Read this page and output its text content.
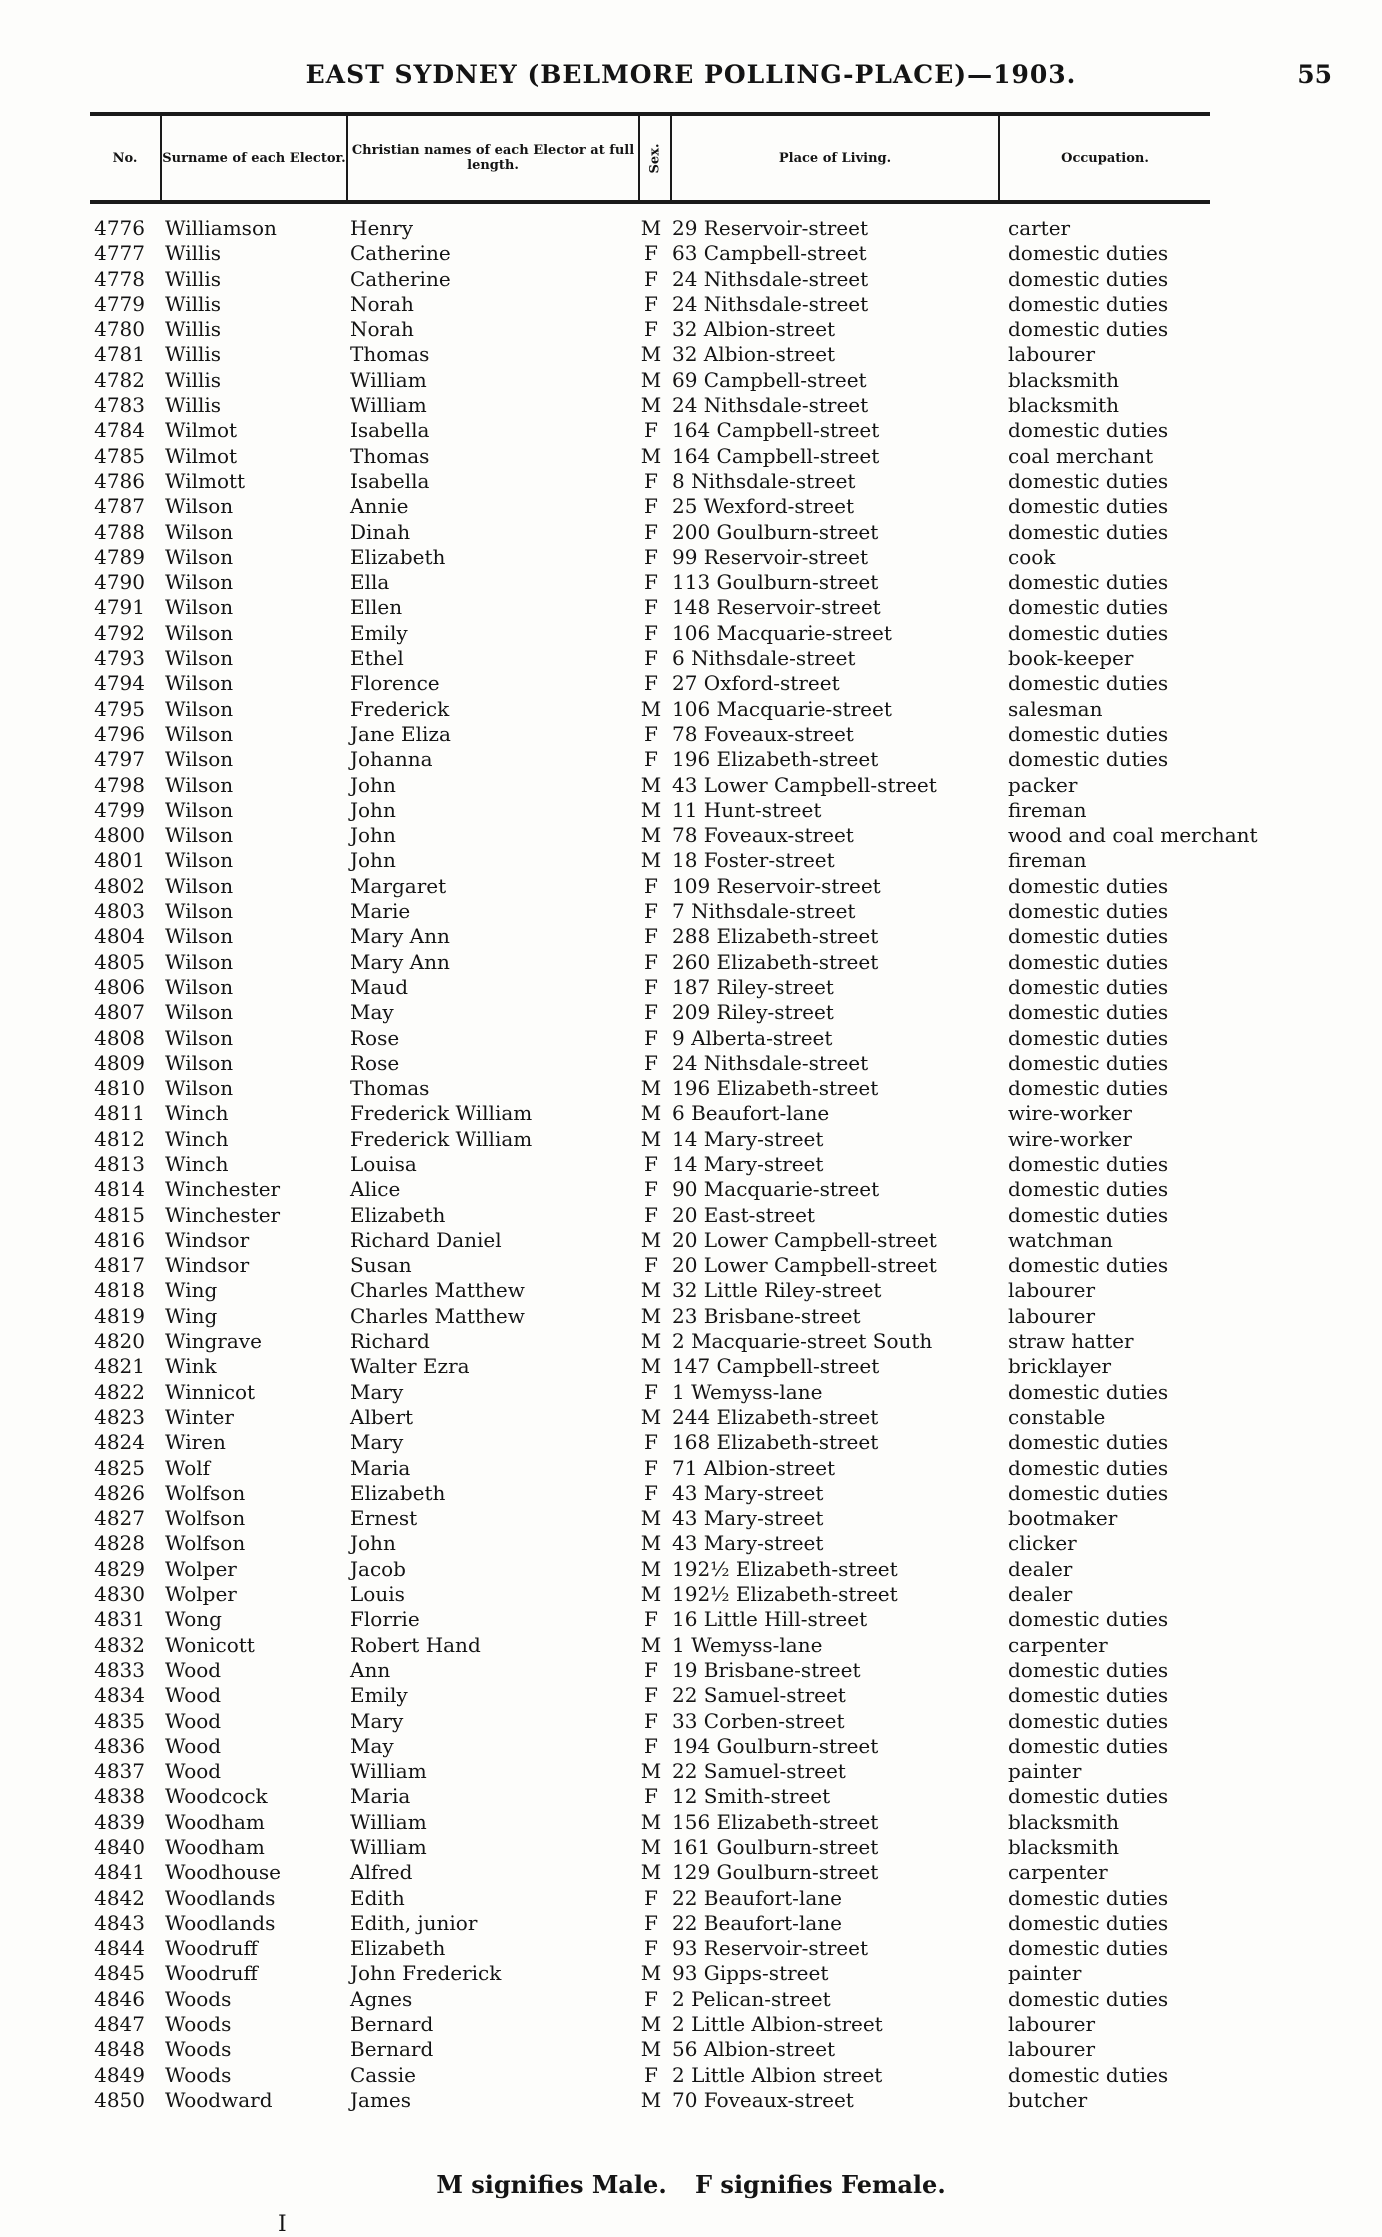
EAST SYDNEY (BELMORE POLLING-PLACE)—1903.	55
No.	Surname of each Elector. Christian names of each Elector at full length.	Sex.	Place of Living.	Occupation.
4776 Williamson	Henry	M 29 Reservoir-street	carter
4777 Willis	Catherine	F 63 Campbell-street	domestic duties
4778 Willis	Catherine	F 24 Nithsdale-street	domestic duties
4779 Willis	Norah	F 24 Nithsdale-street	domestic duties
4780 Willis	Norah	F 32 Albion-street	domestic duties
4781 Willis	Thomas	M 32 Albion-street	labourer
4782 Willis	William	M 69 Campbell-street	blacksmith
4783 Willis	William	M 24 Nithsdale-street	blacksmith
4784 Wilmot	Isabella	F 164 Campbell-street	domestic duties
4785 Wilmot	Thomas	M 164 Campbell-street	coal merchant
4786 Wilmott	Isabella	F 8 Nithsdale-street	domestic duties
4787 Wilson	Annie	F 25 Wexford-street	domestic duties
4788 Wilson	Dinah	F 200 Goulburn-street	domestic duties
4789 Wilson	Elizabeth	F 99 Reservoir-street	cook
4790 Wilson	Ella	F 113 Goulburn-street	domestic duties
4791 Wilson	Ellen	F 148 Reservoir-street	domestic duties
4792 Wilson	Emily	F 106 Macquarie-street	domestic duties
4793 Wilson	Ethel	F 6 Nithsdale-street	book-keeper
4794 Wilson	Florence	F 27 Oxford-street	domestic duties
4795 Wilson	Frederick	M 106 Macquarie-street	salesman
4796 Wilson	Jane Eliza	F 78 Foveaux-street	domestic duties
4797 Wilson	Johanna	F 196 Elizabeth-street	domestic duties
4798 Wilson	John	M 43 Lower Campbell-street	packer
4799 Wilson	John	M 11 Hunt-street	fireman
4800 Wilson	John	M 78 Foveaux-street	wood and coal merchant
4801 Wilson	John	M 18 Foster-street	fireman
4802 Wilson	Margaret	F 109 Reservoir-street	domestic duties
4803 Wilson	Marie	F 7 Nithsdale-street	domestic duties
4804 Wilson	Mary Ann	F 288 Elizabeth-street	domestic duties
4805 Wilson	Mary Ann	F 260 Elizabeth-street	domestic duties
4806 Wilson	Maud	F 187 Riley-street	domestic duties
4807 Wilson	May	F 209 Riley-street	domestic duties
4808 Wilson	Rose	F 9 Alberta-street	domestic duties
4809 Wilson	Rose	F 24 Nithsdale-street	domestic duties
4810 Wilson	Thomas	M 196 Elizabeth-street	domestic duties
4811 Winch	Frederick William	M 6 Beaufort-lane	wire-worker
4812 Winch	Frederick William	M 14 Mary-street	wire-worker
4813 Winch	Louisa	F 14 Mary-street	domestic duties
4814 Winchester	Alice	F 90 Macquarie-street	domestic duties
4815 Winchester	Elizabeth	F 20 East-street	domestic duties
4816 Windsor	Richard Daniel	M 20 Lower Campbell-street	watchman
4817 Windsor	Susan	F 20 Lower Campbell-street	domestic duties
4818 Wing	Charles Matthew	M 32 Little Riley-street	labourer
4819 Wing	Charles Matthew	M 23 Brisbane-street	labourer
4820 Wingrave	Richard	M 2 Macquarie-street South	straw hatter
4821 Wink	Walter Ezra	M 147 Campbell-street	bricklayer
4822 Winnicot	Mary	F 1 Wemyss-lane	domestic duties
4823 Winter	Albert	M 244 Elizabeth-street	constable
4824 Wiren	Mary	F 168 Elizabeth-street	domestic duties
4825 Wolf	Maria	F 71 Albion-street	domestic duties
4826 Wolfson	Elizabeth	F 43 Mary-street	domestic duties
4827 Wolfson	Ernest	M 43 Mary-street	bootmaker
4828 Wolfson	John	M 43 Mary-street	clicker
4829 Wolper	Jacob	M 192½ Elizabeth-street	dealer
4830 Wolper	Louis	M 192½ Elizabeth-street	dealer
4831 Wong	Florrie	F 16 Little Hill-street	domestic duties
4832 Wonicott	Robert Hand	M 1 Wemyss-lane	carpenter
4833 Wood	Ann	F 19 Brisbane-street	domestic duties
4834 Wood	Emily	F 22 Samuel-street	domestic duties
4835 Wood	Mary	F 33 Corben-street	domestic duties
4836 Wood	May	F 194 Goulburn-street	domestic duties
4837 Wood	William	M 22 Samuel-street	painter
4838 Woodcock	Maria	F 12 Smith-street	domestic duties
4839 Woodham	William	M 156 Elizabeth-street	blacksmith
4840 Woodham	William	M 161 Goulburn-street	blacksmith
4841 Woodhouse	Alfred	M 129 Goulburn-street	carpenter
4842 Woodlands	Edith	F 22 Beaufort-lane	domestic duties
4843 Woodlands	Edith, junior	F 22 Beaufort-lane	domestic duties
4844 Woodruff	Elizabeth	F 93 Reservoir-street	domestic duties
4845 Woodruff	John Frederick	M 93 Gipps-street	painter
4846 Woods	Agnes	F 2 Pelican-street	domestic duties
4847 Woods	Bernard	M 2 Little Albion-street	labourer
4848 Woods	Bernard	M 56 Albion-street	labourer
4849 Woods	Cassie	F 2 Little Albion street	domestic duties
4850 Woodward	James	M 70 Foveaux-street	butcher
M signifies Male. F signifies Female.
I
